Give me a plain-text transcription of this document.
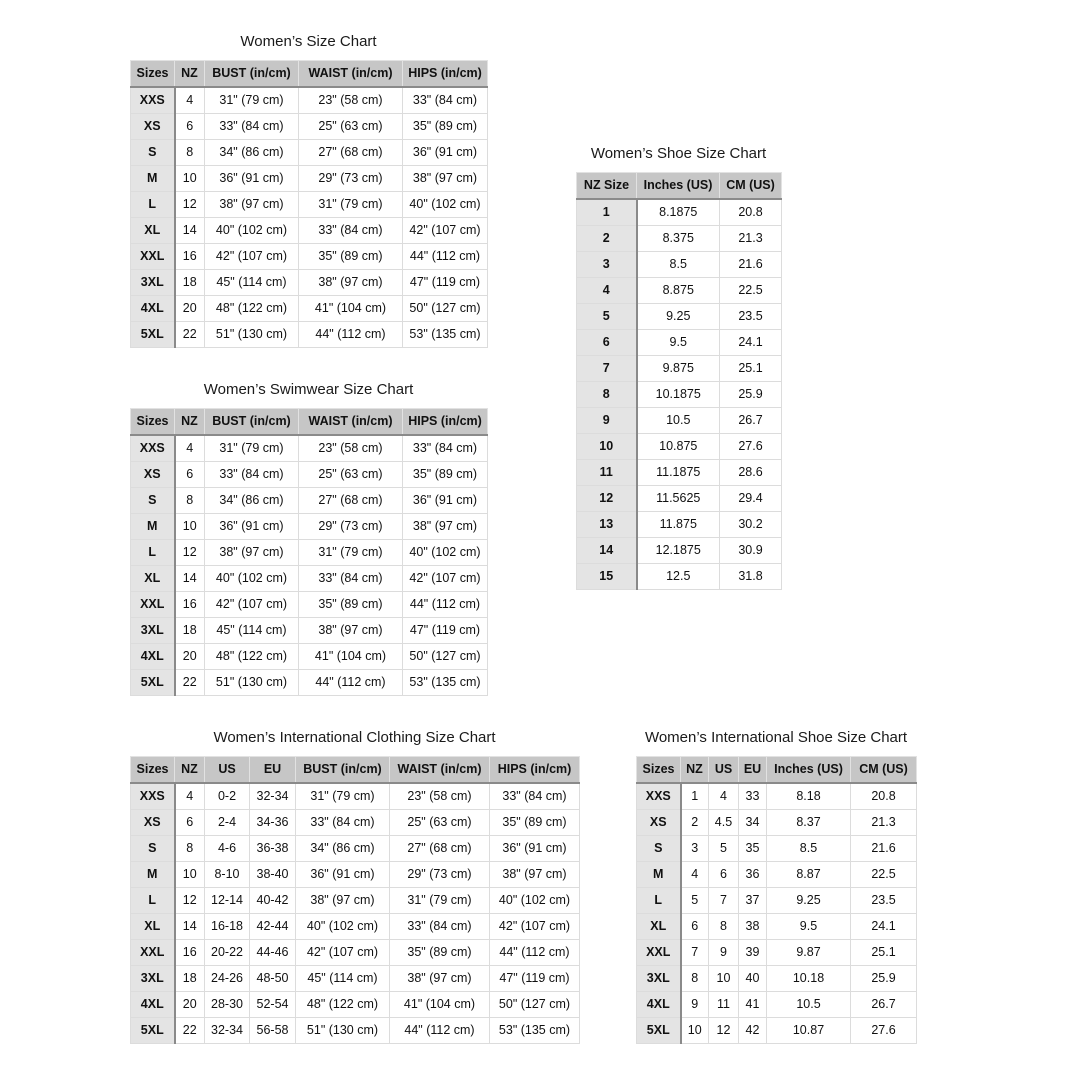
Women’s Size Chart
Sizes	NZ	BUST (in/cm)	WAIST (in/cm)	HIPS (in/cm)
XXS	4	31" (79 cm)	23" (58 cm)	33" (84 cm)
XS	6	33" (84 cm)	25" (63 cm)	35" (89 cm)
S	8	34" (86 cm)	27" (68 cm)	36" (91 cm)
M	10	36" (91 cm)	29" (73 cm)	38" (97 cm)
L	12	38" (97 cm)	31" (79 cm)	40" (102 cm)
XL	14	40" (102 cm)	33" (84 cm)	42" (107 cm)
XXL	16	42" (107 cm)	35" (89 cm)	44" (112 cm)
3XL	18	45" (114 cm)	38" (97 cm)	47" (119 cm)
4XL	20	48" (122 cm)	41" (104 cm)	50" (127 cm)
5XL	22	51" (130 cm)	44" (112 cm)	53" (135 cm)
Women’s Swimwear Size Chart
Sizes	NZ	BUST (in/cm)	WAIST (in/cm)	HIPS (in/cm)
XXS	4	31" (79 cm)	23" (58 cm)	33" (84 cm)
XS	6	33" (84 cm)	25" (63 cm)	35" (89 cm)
S	8	34" (86 cm)	27" (68 cm)	36" (91 cm)
M	10	36" (91 cm)	29" (73 cm)	38" (97 cm)
L	12	38" (97 cm)	31" (79 cm)	40" (102 cm)
XL	14	40" (102 cm)	33" (84 cm)	42" (107 cm)
XXL	16	42" (107 cm)	35" (89 cm)	44" (112 cm)
3XL	18	45" (114 cm)	38" (97 cm)	47" (119 cm)
4XL	20	48" (122 cm)	41" (104 cm)	50" (127 cm)
5XL	22	51" (130 cm)	44" (112 cm)	53" (135 cm)
Women’s Shoe Size Chart
NZ Size	Inches (US)	CM (US)
1	8.1875	20.8
2	8.375	21.3
3	8.5	21.6
4	8.875	22.5
5	9.25	23.5
6	9.5	24.1
7	9.875	25.1
8	10.1875	25.9
9	10.5	26.7
10	10.875	27.6
11	11.1875	28.6
12	11.5625	29.4
13	11.875	30.2
14	12.1875	30.9
15	12.5	31.8
Women’s International Clothing Size Chart
Sizes	NZ	US	EU	BUST (in/cm)	WAIST (in/cm)	HIPS (in/cm)
XXS	4	0-2	32-34	31" (79 cm)	23" (58 cm)	33" (84 cm)
XS	6	2-4	34-36	33" (84 cm)	25" (63 cm)	35" (89 cm)
S	8	4-6	36-38	34" (86 cm)	27" (68 cm)	36" (91 cm)
M	10	8-10	38-40	36" (91 cm)	29" (73 cm)	38" (97 cm)
L	12	12-14	40-42	38" (97 cm)	31" (79 cm)	40" (102 cm)
XL	14	16-18	42-44	40" (102 cm)	33" (84 cm)	42" (107 cm)
XXL	16	20-22	44-46	42" (107 cm)	35" (89 cm)	44" (112 cm)
3XL	18	24-26	48-50	45" (114 cm)	38" (97 cm)	47" (119 cm)
4XL	20	28-30	52-54	48" (122 cm)	41" (104 cm)	50" (127 cm)
5XL	22	32-34	56-58	51" (130 cm)	44" (112 cm)	53" (135 cm)
Women’s International Shoe Size Chart
Sizes	NZ	US	EU	Inches (US)	CM (US)
XXS	1	4	33	8.18	20.8
XS	2	4.5	34	8.37	21.3
S	3	5	35	8.5	21.6
M	4	6	36	8.87	22.5
L	5	7	37	9.25	23.5
XL	6	8	38	9.5	24.1
XXL	7	9	39	9.87	25.1
3XL	8	10	40	10.18	25.9
4XL	9	11	41	10.5	26.7
5XL	10	12	42	10.87	27.6
